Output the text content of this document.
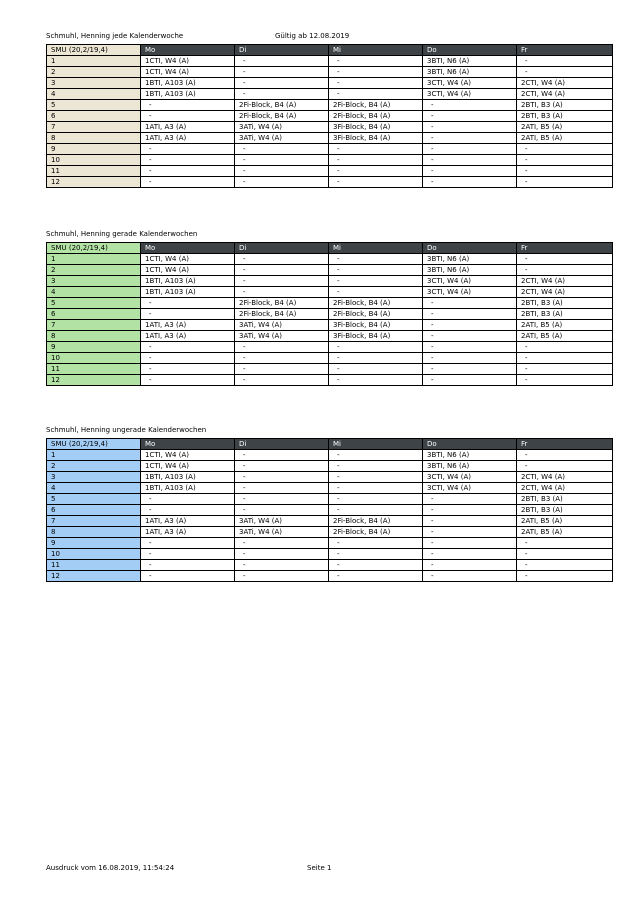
Schmuhl, Henning jede Kalenderwoche	Gültig ab 12.08.2019
Schmuhl, Henning gerade Kalenderwochen
Schmuhl, Henning ungerade Kalenderwochen
SMU (20,2/19,4)	Mo	Di	Mi	Do	Fr
1	1CTI, W4 (A)	-	-	3BTI, N6 (A)	-
2	1CTI, W4 (A)	-	-	3BTI, N6 (A)	-
3	1BTI, A103 (A)	-	-	3CTI, W4 (A)	2CTI, W4 (A)
4	1BTI, A103 (A)	-	-	3CTI, W4 (A)	2CTI, W4 (A)
5	-	2Fi-Block, B4 (A)	2Fi-Block, B4 (A)	-	2BTI, B3 (A)
6	-	2Fi-Block, B4 (A)	2Fi-Block, B4 (A)	-	2BTI, B3 (A)
7	1ATI, A3 (A)	3ATi, W4 (A)	3Fi-Block, B4 (A)	-	2ATI, B5 (A)
8	1ATI, A3 (A)	3ATi, W4 (A)	3Fi-Block, B4 (A)	-	2ATI, B5 (A)
9	-	-	-	-	-
10	-	-	-	-	-
11	-	-	-	-	-
12	-	-	-	-	-
SMU (20,2/19,4)	Mo	Di	Mi	Do	Fr
1	1CTI, W4 (A)	-	-	3BTI, N6 (A)	-
2	1CTI, W4 (A)	-	-	3BTI, N6 (A)	-
3	1BTI, A103 (A)	-	-	3CTI, W4 (A)	2CTI, W4 (A)
4	1BTI, A103 (A)	-	-	3CTI, W4 (A)	2CTI, W4 (A)
5	-	2Fi-Block, B4 (A)	2Fi-Block, B4 (A)	-	2BTI, B3 (A)
6	-	2Fi-Block, B4 (A)	2Fi-Block, B4 (A)	-	2BTI, B3 (A)
7	1ATI, A3 (A)	3ATi, W4 (A)	3Fi-Block, B4 (A)	-	2ATI, B5 (A)
8	1ATI, A3 (A)	3ATi, W4 (A)	3Fi-Block, B4 (A)	-	2ATI, B5 (A)
9	-	-	-	-	-
10	-	-	-	-	-
11	-	-	-	-	-
12	-	-	-	-	-
SMU (20,2/19,4)	Mo	Di	Mi	Do	Fr
1	1CTI, W4 (A)	-	-	3BTI, N6 (A)	-
2	1CTI, W4 (A)	-	-	3BTI, N6 (A)	-
3	1BTI, A103 (A)	-	-	3CTI, W4 (A)	2CTI, W4 (A)
4	1BTI, A103 (A)	-	-	3CTI, W4 (A)	2CTI, W4 (A)
5	-	-	-	-	2BTI, B3 (A)
6	-	-	-	-	2BTI, B3 (A)
7	1ATI, A3 (A)	3ATi, W4 (A)	2Fi-Block, B4 (A)	-	2ATI, B5 (A)
8	1ATI, A3 (A)	3ATi, W4 (A)	2Fi-Block, B4 (A)	-	2ATI, B5 (A)
9	-	-	-	-	-
10	-	-	-	-	-
11	-	-	-	-	-
12	-	-	-	-	-
Ausdruck vom 16.08.2019, 11:54:24	Seite 1
